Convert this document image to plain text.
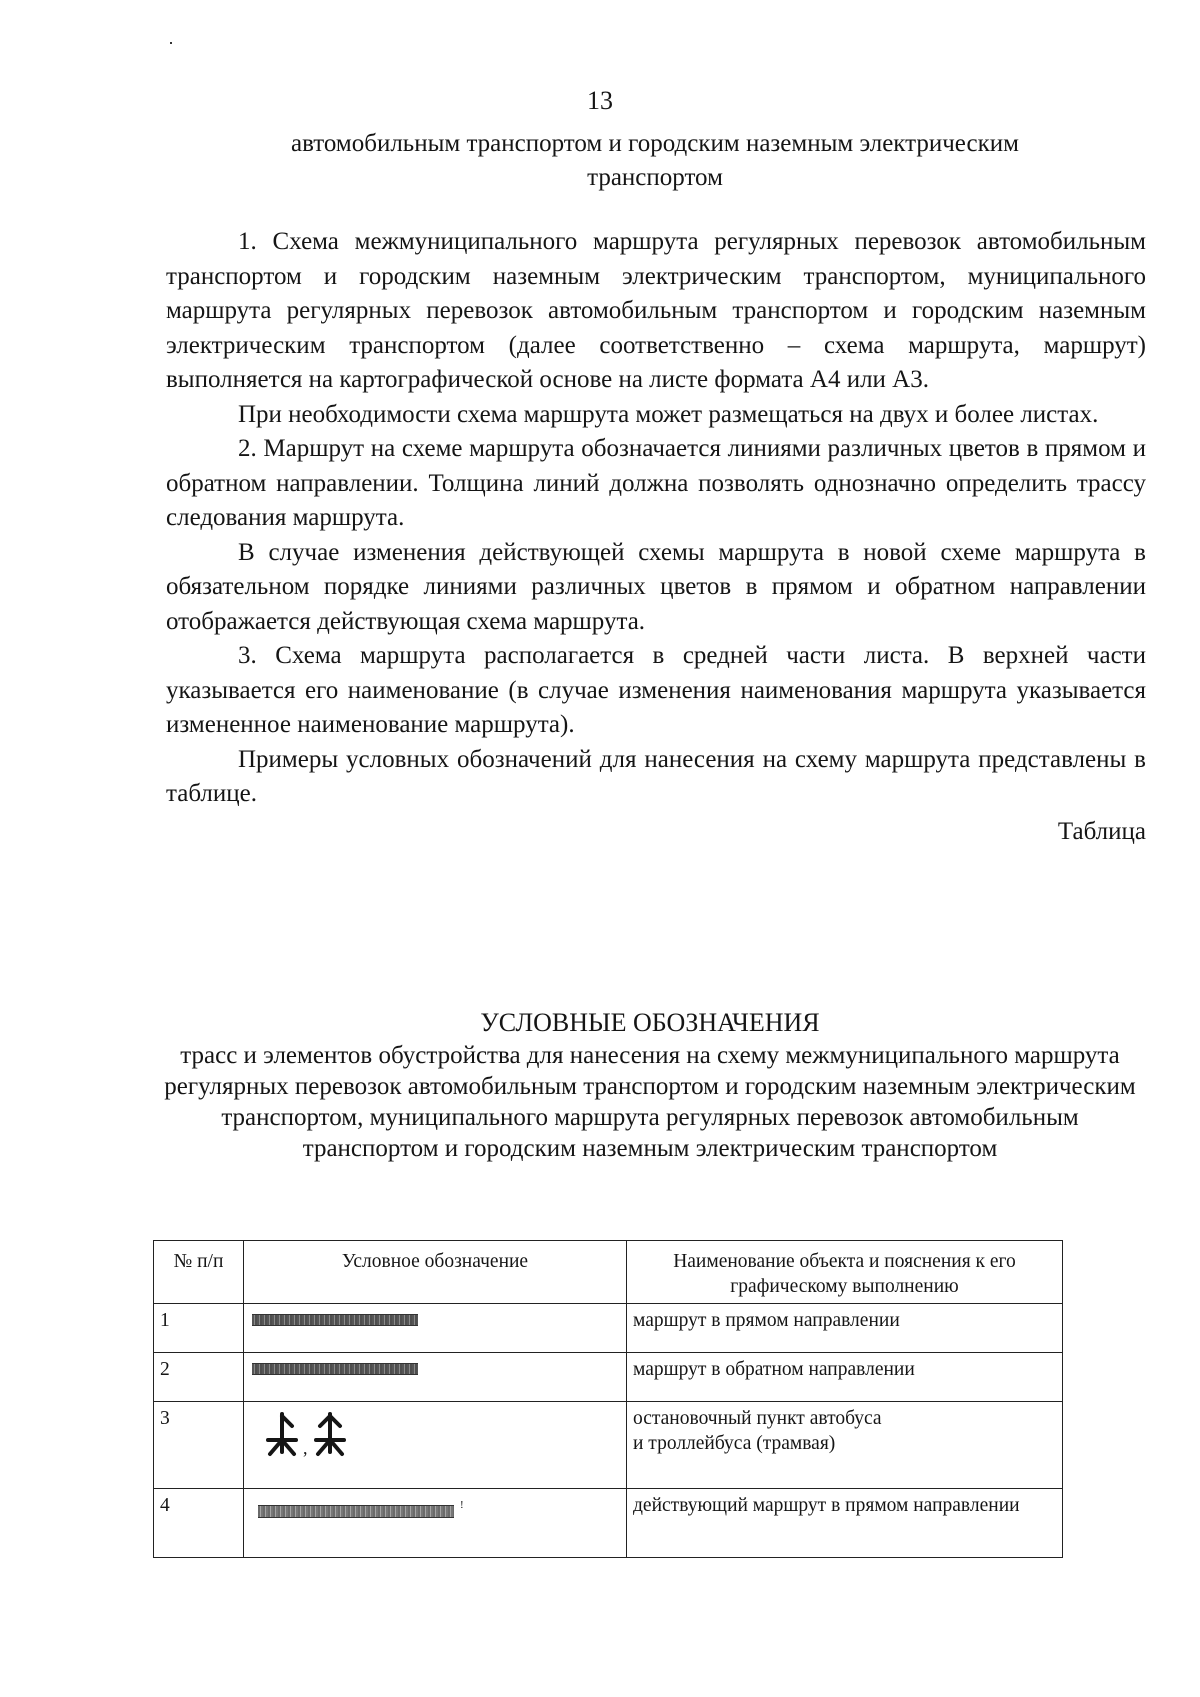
13
автомобильным транспортом и городским наземным электрическим транспортом

1. Схема межмуниципального маршрута регулярных перевозок автомобильным транспортом и городским наземным электрическим транспортом, муниципального маршрута регулярных перевозок автомобильным транспортом и городским наземным электрическим транспортом (далее соответственно – схема маршрута, маршрут) выполняется на картографической основе на листе формата А4 или А3.

При необходимости схема маршрута может размещаться на двух и более листах.

2. Маршрут на схеме маршрута обозначается линиями различных цветов в прямом и обратном направлении. Толщина линий должна позволять однозначно определить трассу следования маршрута.

В случае изменения действующей схемы маршрута в новой схеме маршрута в обязательном порядке линиями различных цветов в прямом и обратном направлении отображается действующая схема маршрута.

3. Схема маршрута располагается в средней части листа. В верхней части указывается его наименование (в случае изменения наименования маршрута указывается измененное наименование маршрута).

Примеры условных обозначений для нанесения на схему маршрута представлены в таблице.

Таблица

УСЛОВНЫЕ ОБОЗНАЧЕНИЯ
трасс и элементов обустройства для нанесения на схему межмуниципального маршрута регулярных перевозок автомобильным транспортом и городским наземным электрическим транспортом, муниципального маршрута регулярных перевозок автомобильным транспортом и городским наземным электрическим транспортом
№ п/п	Условное обозначение	Наименование объекта и пояснения к его графическому выполнению
1		маршрут в прямом направлении
2		маршрут в обратном направлении
3	,	остановочный пункт автобуса
и троллейбуса (трамвая)

4	!	действующий маршрут в прямом направлении
